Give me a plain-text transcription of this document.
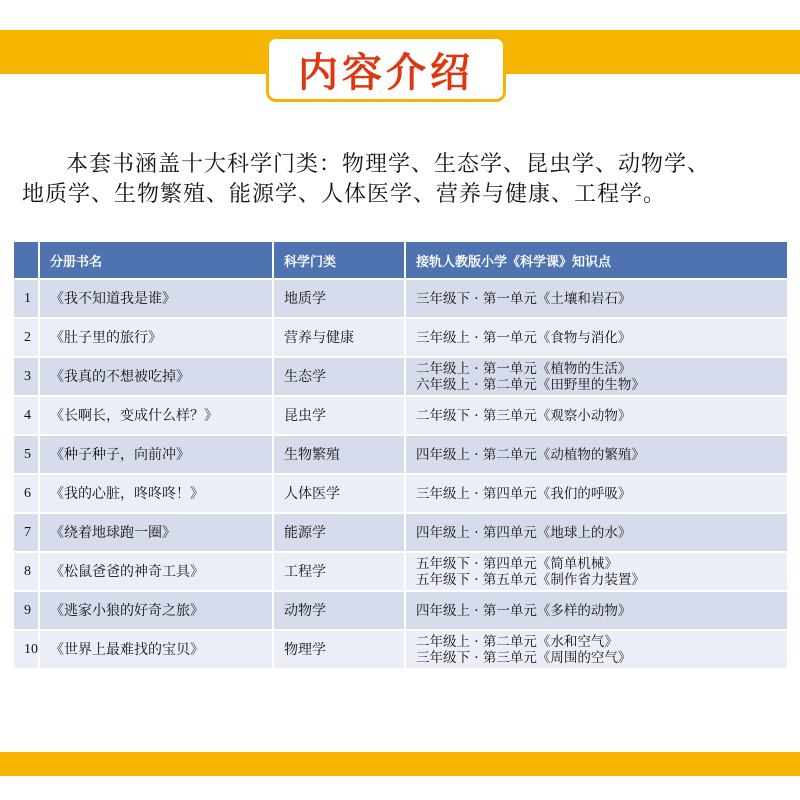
内容介绍
本套书涵盖十大科学门类：物理学、生态学、昆虫学、动物学、
地质学、生物繁殖、能源学、人体医学、营养与健康、工程学。
	分册书名	科学门类	接轨人教版小学《科学课》知识点
1	《我不知道我是谁》	地质学	三年级下 · 第一单元《土壤和岩石》

2	《肚子里的旅行》	营养与健康	三年级上 · 第一单元《食物与消化》

3	《我真的不想被吃掉》	生态学	二年级上 · 第一单元《植物的生活》
六年级上 · 第二单元《田野里的生物》

4	《长啊长，变成什么样？》	昆虫学	二年级下 · 第三单元《观察小动物》

5	《种子种子，向前冲》	生物繁殖	四年级上 · 第二单元《动植物的繁殖》

6	《我的心脏，咚咚咚！》	人体医学	三年级上 · 第四单元《我们的呼吸》

7	《绕着地球跑一圈》	能源学	四年级上 · 第四单元《地球上的水》

8	《松鼠爸爸的神奇工具》	工程学	五年级下 · 第四单元《简单机械》
五年级下 · 第五单元《制作省力装置》

9	《逃家小狼的好奇之旅》	动物学	四年级上 · 第一单元《多样的动物》

10	《世界上最难找的宝贝》	物理学	二年级上 · 第二单元《水和空气》
三年级下 · 第三单元《周围的空气》
